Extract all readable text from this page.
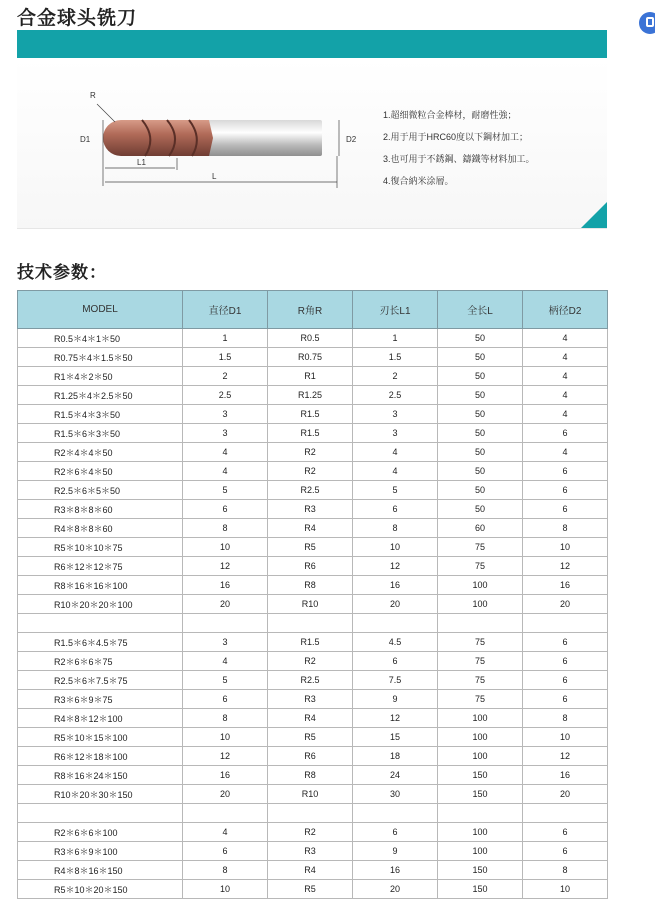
合金球头铣刀
R
D1	D2
L1
L
1.超细微粒合金棒材，耐磨性強；
2.用于用于HRC60度以下鋼材加工；
3.也可用于不銹鋼、鑄鐵等材料加工。
4.復合納米涂層。
技术参数：
MODEL	直径D1	R角R	刃长L1	全长L	柄径D2
R0.5＊4＊1＊50	1	R0.5	1	50	4
R0.75＊4＊1.5＊50	1.5	R0.75	1.5	50	4
R1＊4＊2＊50	2	R1	2	50	4
R1.25＊4＊2.5＊50	2.5	R1.25	2.5	50	4
R1.5＊4＊3＊50	3	R1.5	3	50	4
R1.5＊6＊3＊50	3	R1.5	3	50	6
R2＊4＊4＊50	4	R2	4	50	4
R2＊6＊4＊50	4	R2	4	50	6
R2.5＊6＊5＊50	5	R2.5	5	50	6
R3＊8＊8＊60	6	R3	6	50	6
R4＊8＊8＊60	8	R4	8	60	8
R5＊10＊10＊75	10	R5	10	75	10
R6＊12＊12＊75	12	R6	12	75	12
R8＊16＊16＊100	16	R8	16	100	16
R10＊20＊20＊100	20	R10	20	100	20

R1.5＊6＊4.5＊75	3	R1.5	4.5	75	6
R2＊6＊6＊75	4	R2	6	75	6
R2.5＊6＊7.5＊75	5	R2.5	7.5	75	6
R3＊6＊9＊75	6	R3	9	75	6
R4＊8＊12＊100	8	R4	12	100	8
R5＊10＊15＊100	10	R5	15	100	10
R6＊12＊18＊100	12	R6	18	100	12
R8＊16＊24＊150	16	R8	24	150	16
R10＊20＊30＊150	20	R10	30	150	20

R2＊6＊6＊100	4	R2	6	100	6
R3＊6＊9＊100	6	R3	9	100	6
R4＊8＊16＊150	8	R4	16	150	8
R5＊10＊20＊150	10	R5	20	150	10
